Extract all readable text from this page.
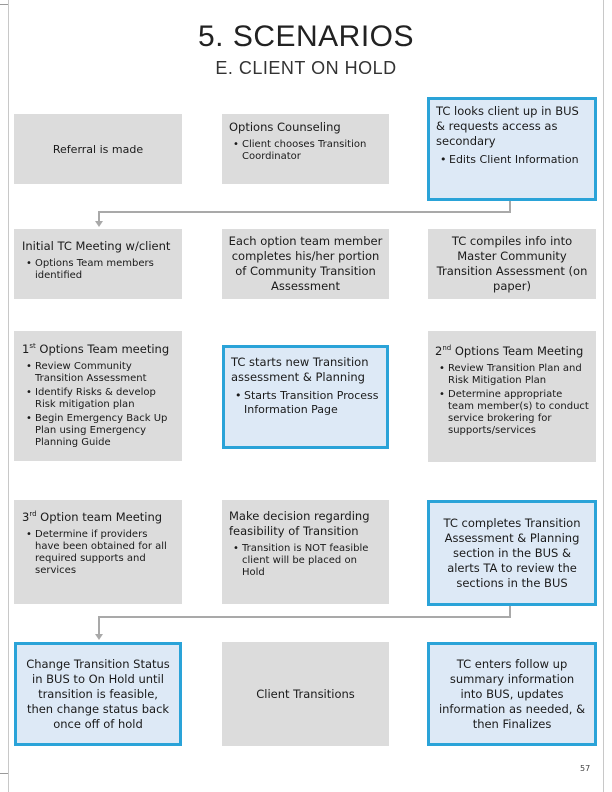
5. SCENARIOS
E. CLIENT ON HOLD
Referral is made

Options Counseling

• Client chooses Transition Coordinator

TC looks client up in BUS & requests access as secondary

• Edits Client Information

Initial TC Meeting w/client

• Options Team members identified
Each option team member completes his/her portion of Community Transition Assessment
TC compiles info into Master Community Transition Assessment (on paper)

1st Options Team meeting

• Review Community Transition Assessment
• Identify Risks & develop Risk mitigation plan
• Begin Emergency Back Up Plan using Emergency Planning Guide

TC starts new Transition assessment & Planning

• Starts Transition Process Information Page

2nd Options Team Meeting

• Review Transition Plan and Risk Mitigation Plan
• Determine appropriate team member(s) to conduct service brokering for supports/services

3rd Option team Meeting

• Determine if providers have been obtained for all required supports and services

Make decision regarding feasibility of Transition

• Transition is NOT feasible client will be placed on Hold
TC completes Transition Assessment & Planning section in the BUS & alerts TA to review the sections in the BUS
Change Transition Status in BUS to On Hold until transition is feasible, then change status back once off of hold
Client Transitions
TC enters follow up summary information into BUS, updates information as needed, & then Finalizes
57
